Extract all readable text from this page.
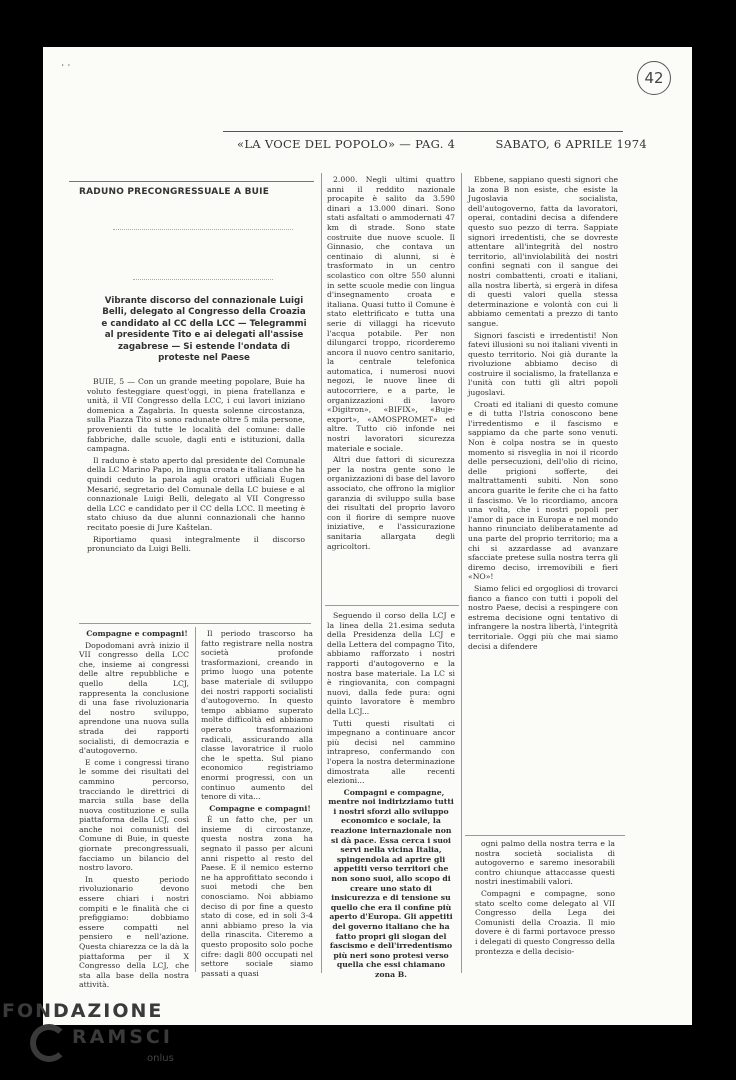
ᐧ ᐧ
42
«LA VOCE DEL POPOLO» — PAG. 4	SABATO, 6 APRILE 1974
RADUNO PRECONGRESSUALE A BUIE
Vibrante discorso del connazionale Luigi Belli, delegato al Congresso della Croazia e candidato al CC della LCC — Telegrammi al presidente Tito e ai delegati all'assise zagabrese — Si estende l'ondata di proteste nel Paese

BUIE, 5 — Con un grande meeting popolare, Buie ha voluto festeggiare quest'oggi, in piena fratellanza e unità, il VII Congresso della LCC, i cui lavori iniziano domenica a Zagabria. In questa solenne circostanza, sulla Piazza Tito si sono radunate oltre 5 mila persone, provenienti da tutte le località del comune: dalle fabbriche, dalle scuole, dagli enti e istituzioni, dalla campagna.

Il raduno è stato aperto dal presidente del Comunale della LC Marino Papo, in lingua croata e italiana che ha quindi ceduto la parola agli oratori ufficiali Eugen Mesarić, segretario del Comunale della LC buiese e al connazionale Luigi Belli, delegato al VII Congresso della LCC e candidato per il CC della LCC. Il meeting è stato chiuso da due alunni connazionali che hanno recitato poesie di Jure Kaštelan.

Riportiamo quasi integralmente il discorso pronunciato da Luigi Belli.

Compagne e compagni!

Dopodomani avrà inizio il VII congresso della LCC che, insieme ai congressi delle altre repubbliche e quello della LCJ, rappresenta la conclusione di una fase rivoluzionaria del nostro sviluppo, aprendone una nuova sulla strada dei rapporti socialisti, di democrazia e d'autogoverno.

E come i congressi tirano le somme dei risultati del cammino percorso, tracciando le direttrici di marcia sulla base della nuova costituzione e sulla piattaforma della LCJ, così anche noi comunisti del Comune di Buie, in queste giornate precongressuali, facciamo un bilancio del nostro lavoro.

In questo periodo rivoluzionario devono essere chiari i nostri compiti e le finalità che ci prefiggiamo: dobbiamo essere compatti nel pensiero e nell'azione. Questa chiarezza ce la dà la piattaforma per il X Congresso della LCJ, che sta alla base della nostra attività.

Il periodo trascorso ha fatto registrare nella nostra società profonde trasformazioni, creando in primo luogo una potente base materiale di sviluppo dei nostri rapporti socialisti d'autogoverno. In questo tempo abbiamo superato molte difficoltà ed abbiamo operato trasformazioni radicali, assicurando alla classe lavoratrice il ruolo che le spetta. Sul piano economico registriamo enormi progressi, con un continuo aumento del tenore di vita...

Compagne e compagni!

È un fatto che, per un insieme di circostanze, questa nostra zona ha segnato il passo per alcuni anni rispetto al resto del Paese. E il nemico esterno ne ha approfittato secondo i suoi metodi che ben conosciamo. Noi abbiamo deciso di por fine a questo stato di cose, ed in soli 3-4 anni abbiamo preso la via della rinascita. Citeremo a questo proposito solo poche cifre: dagli 800 occupati nel settore sociale siamo passati a quasi

2.000. Negli ultimi quattro anni il reddito nazionale procapite è salito da 3.590 dinari a 13.000 dinari. Sono stati asfaltati o ammodernati 47 km di strade. Sono state costruite due nuove scuole. Il Ginnasio, che contava un centinaio di alunni, si è trasformato in un centro scolastico con oltre 550 alunni in sette scuole medie con lingua d'insegnamento croata e italiana. Quasi tutto il Comune è stato elettrificato e tutta una serie di villaggi ha ricevuto l'acqua potabile. Per non dilungarci troppo, ricorderemo ancora il nuovo centro sanitario, la centrale telefonica automatica, i numerosi nuovi negozi, le nuove linee di autocorriere, e a parte, le organizzazioni di lavoro «Digitron», «BIFIX», «Buje-export», «AMOSPROMET» ed altre. Tutto ciò infonde nei nostri lavoratori sicurezza materiale e sociale.

Altri due fattori di sicurezza per la nostra gente sono le organizzazioni di base del lavoro associato, che offrono la miglior garanzia di sviluppo sulla base dei risultati del proprio lavoro con il fiorire di sempre nuove iniziative, e l'assicurazione sanitaria allargata degli agricoltori.

Seguendo il corso della LCJ e la linea della 21.esima seduta della Presidenza della LCJ e della Lettera del compagno Tito, abbiamo rafforzato i nostri rapporti d'autogoverno e la nostra base materiale. La LC si è ringiovanita, con compagni nuovi, dalla fede pura: ogni quinto lavoratore è membro della LCJ...

Tutti questi risultati ci impegnano a continuare ancor più decisi nel cammino intrapreso, confermando con l'opera la nostra determinazione dimostrata alle recenti elezioni...

Compagni e compagne, mentre noi indirizziamo tutti i nostri sforzi allo sviluppo economico e sociale, la reazione internazionale non si dà pace. Essa cerca i suoi servi nella vicina Italia, spingendola ad aprire gli appetiti verso territori che non sono suoi, allo scopo di creare uno stato di insicurezza e di tensione su quello che era il confine più aperto d'Europa. Gli appetiti del governo italiano che ha fatto propri gli slogan del fascismo e dell'irredentismo più neri sono protesi verso quella che essi chiamano zona B.

Ebbene, sappiano questi signori che la zona B non esiste, che esiste la Jugoslavia socialista, dell'autogoverno, fatta da lavoratori, operai, contadini decisa a difendere questo suo pezzo di terra. Sappiate signori irredentisti, che se dovreste attentare all'integrità del nostro territorio, all'inviolabilità dei nostri confini segnati con il sangue dei nostri combattenti, croati e italiani, alla nostra libertà, si ergerà in difesa di questi valori quella stessa determinazione e volontà con cui li abbiamo cementati a prezzo di tanto sangue.

Signori fascisti e irredentisti! Non fatevi illusioni su noi italiani viventi in questo territorio. Noi già durante la rivoluzione abbiamo deciso di costruire il socialismo, la fratellanza e l'unità con tutti gli altri popoli jugoslavi.

Croati ed italiani di questo comune e di tutta l'Istria conoscono bene l'irredentismo e il fascismo e sappiamo da che parte sono venuti. Non è colpa nostra se in questo momento si risveglia in noi il ricordo delle persecuzioni, dell'olio di ricino, delle prigioni sofferte, dei maltrattamenti subiti. Non sono ancora guarite le ferite che ci ha fatto il fascismo. Ve lo ricordiamo, ancora una volta, che i nostri popoli per l'amor di pace in Europa e nel mondo hanno rinunciato deliberatamente ad una parte del proprio territorio; ma a chi si azzardasse ad avanzare sfacciate pretese sulla nostra terra gli diremo deciso, irremovibili e fieri «NO»!

Siamo felici ed orgogliosi di trovarci fianco a fianco con tutti i popoli del nostro Paese, decisi a respingere con estrema decisione ogni tentativo di infrangere la nostra libertà, l'integrità territoriale. Oggi più che mai siamo decisi a difendere

ogni palmo della nostra terra e la nostra società socialista di autogoverno e saremo inesorabili contro chiunque attaccasse questi nostri inestimabili valori.

Compagni e compagne, sono stato scelto come delegato al VII Congresso della Lega dei Comunisti della Croazia. Il mio dovere è di farmi portavoce presso i delegati di questo Congresso della prontezza e della decisio-

FONDAZIONE
RAMSCI
onlus
